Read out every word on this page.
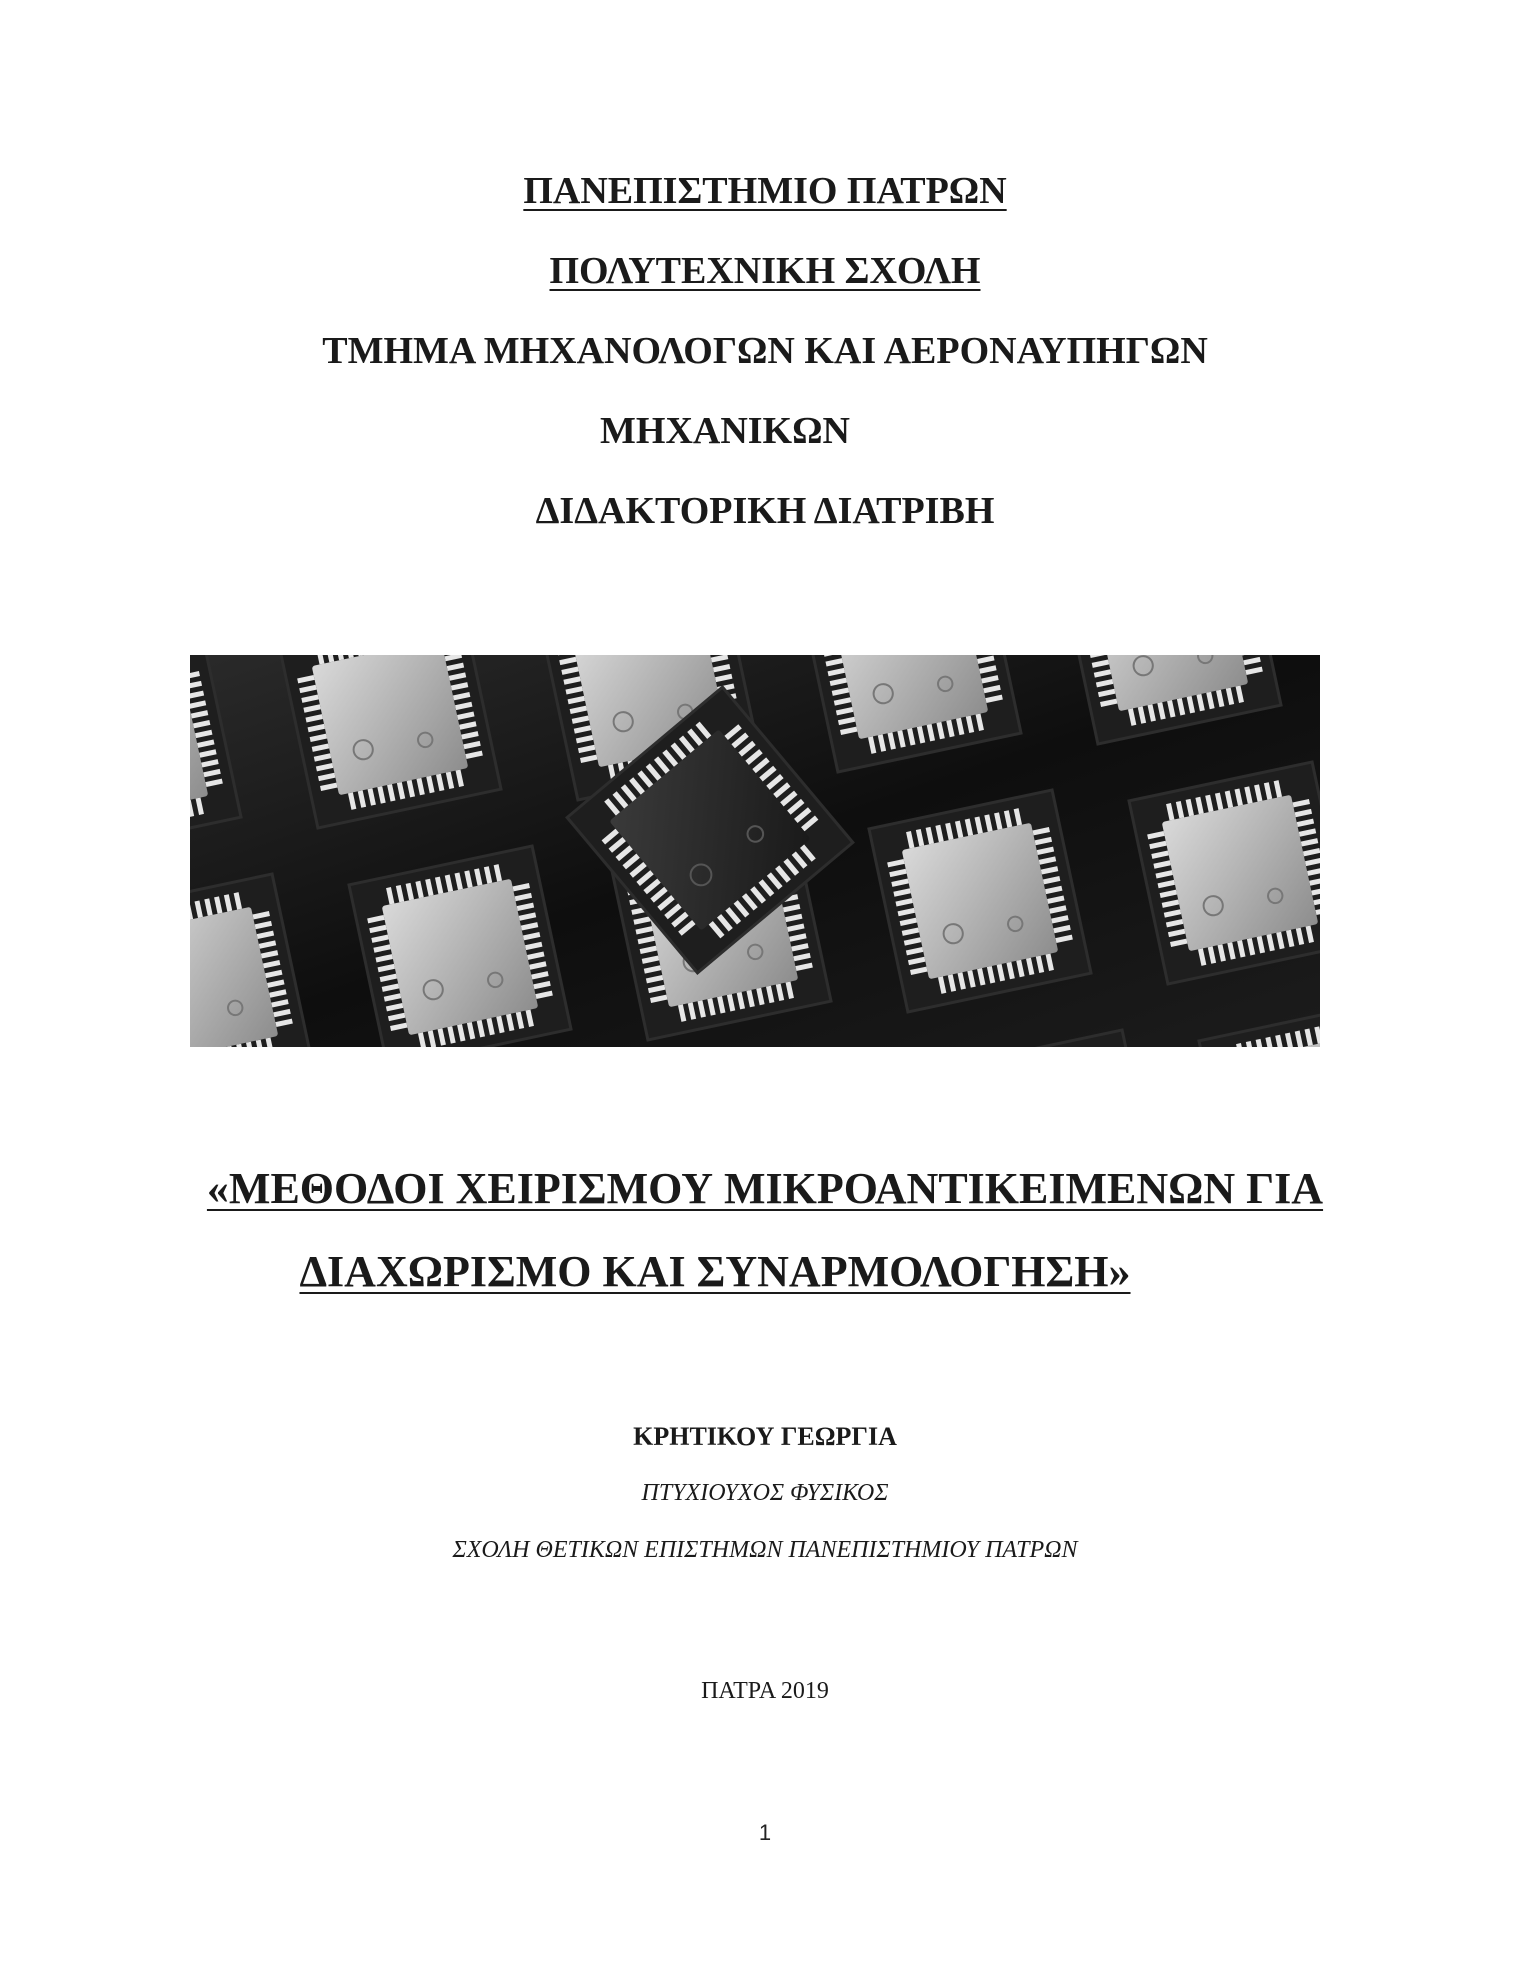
ΠΑΝΕΠΙΣΤΗΜΙΟ ΠΑΤΡΩΝ
ΠΟΛΥΤΕΧΝΙΚΗ ΣΧΟΛΗ
ΤΜΗΜΑ ΜΗΧΑΝΟΛΟΓΩΝ ΚΑΙ ΑΕΡΟΝΑΥΠΗΓΩΝ
ΜΗΧΑΝΙΚΩΝ
ΔΙΔΑΚΤΟΡΙΚΗ ΔΙΑΤΡΙΒΗ
«ΜΕΘΟΔΟΙ ΧΕΙΡΙΣΜΟΥ ΜΙΚΡΟΑΝΤΙΚΕΙΜΕΝΩΝ ΓΙΑ
ΔΙΑΧΩΡΙΣΜΟ ΚΑΙ ΣΥΝΑΡΜΟΛΟΓΗΣΗ»
ΚΡΗΤΙΚΟΥ ΓΕΩΡΓΙΑ
ΠΤΥΧΙΟΥΧΟΣ ΦΥΣΙΚΟΣ
ΣΧΟΛΗ ΘΕΤΙΚΩΝ ΕΠΙΣΤΗΜΩΝ ΠΑΝΕΠΙΣΤΗΜΙΟΥ ΠΑΤΡΩΝ
ΠΑΤΡΑ 2019
1
